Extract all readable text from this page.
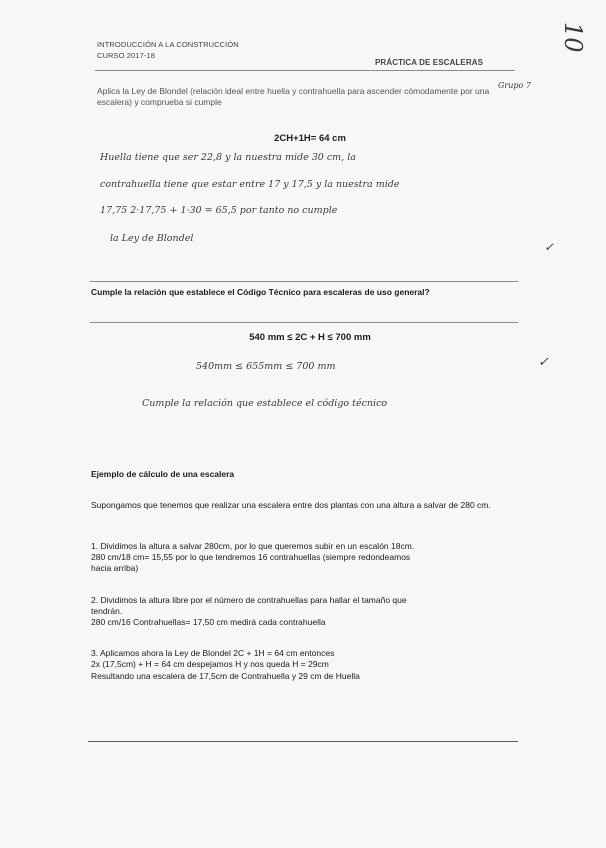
INTRODUCCIÓN A LA CONSTRUCCIÓN
CURSO 2017-18
PRÁCTICA DE ESCALERAS
Grupo 7
10
Aplica la Ley de Blondel (relación ideal entre huella y contrahuella para ascender cómodamente por una escalera) y comprueba si cumple
2CH+1H= 64 cm
Huella tiene que ser 22,8 y la nuestra mide 30 cm, la
contrahuella tiene que estar entre 17 y 17,5 y la nuestra mide
17,75 2·17,75 + 1·30 = 65,5 por tanto no cumple
la Ley de Blondel
✓
Cumple la relación que establece el Código Técnico para escaleras de uso general?
540 mm ≤ 2C + H ≤ 700 mm
540mm ≤ 655mm ≤ 700 mm	✓
Cumple la relación que establece el código técnico
Ejemplo de cálculo de una escalera
Supongamos que tenemos que realizar una escalera entre dos plantas con una altura a salvar de 280 cm.
1. Dividimos la altura a salvar 280cm, por lo que queremos subir en un escalón 18cm.
280 cm/18 cm= 15,55 por lo que tendremos 16 contrahuellas (siempre redondeamos
hacia arriba)
2. Dividimos la altura libre por el número de contrahuellas para hallar el tamaño que
tendrán.
280 cm/16 Contrahuellas= 17,50 cm medirá cada contrahuella
3. Aplicamos ahora la Ley de Blondel 2C + 1H = 64 cm entonces
2x (17,5cm) + H = 64 cm despejamos H y nos queda H = 29cm
Resultando una escalera de 17,5cm de Contrahuella y 29 cm de Huella
